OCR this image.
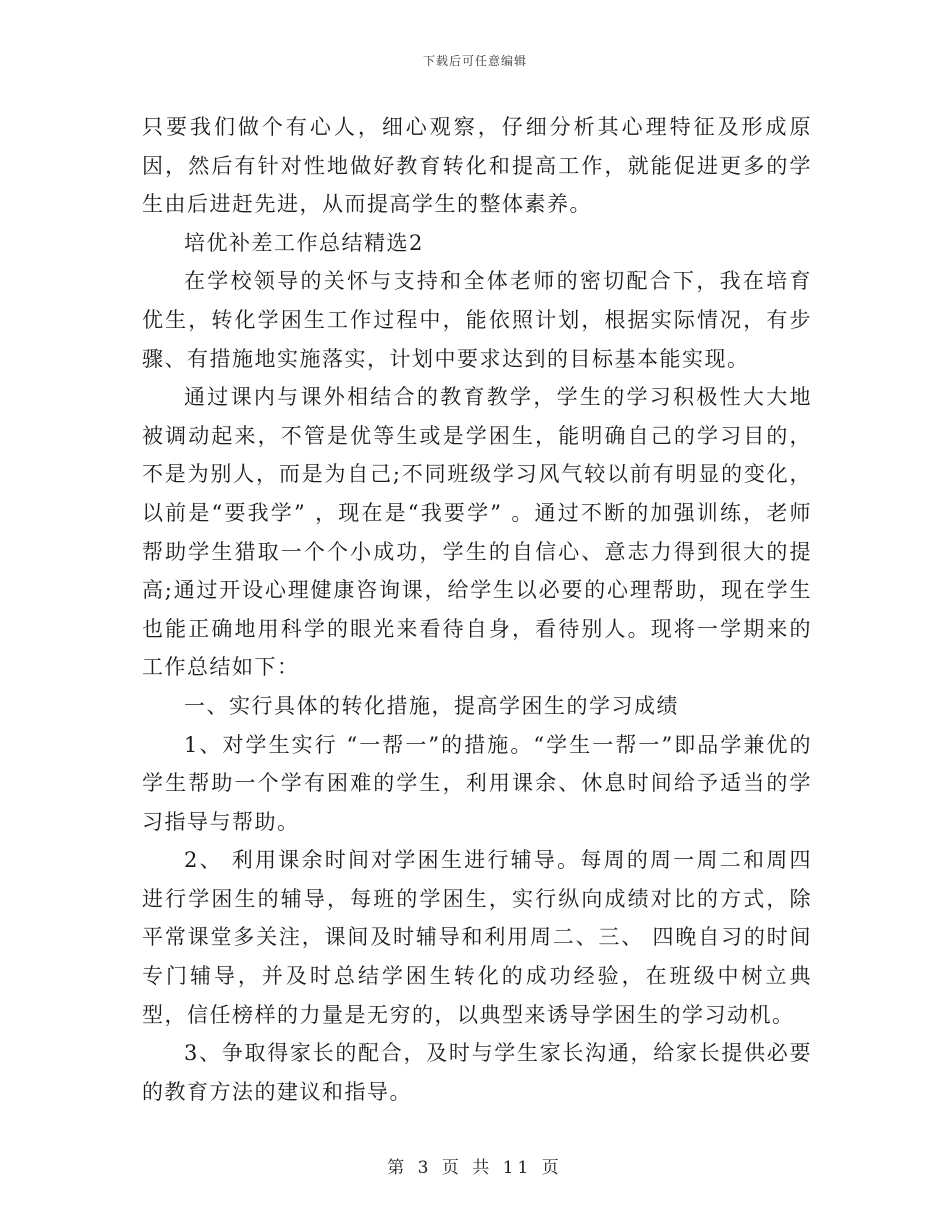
下载后可任意编辑

只要我们做个有心人，细心观察，仔细分析其心理特征及形成原因，然后有针对性地做好教育转化和提高工作，就能促进更多的学生由后进赶先进，从而提高学生的整体素养。

培优补差工作总结精选2

在学校领导的关怀与支持和全体老师的密切配合下，我在培育优生，转化学困生工作过程中，能依照计划，根据实际情况，有步骤、有措施地实施落实，计划中要求达到的目标基本能实现。

通过课内与课外相结合的教育教学，学生的学习积极性大大地被调动起来，不管是优等生或是学困生，能明确自己的学习目的，不是为别人，而是为自己;不同班级学习风气较以前有明显的变化，以前是“要我学” ，现在是“我要学” 。通过不断的加强训练，老师帮助学生猎取一个个小成功，学生的自信心、意志力得到很大的提高;通过开设心理健康咨询课，给学生以必要的心理帮助，现在学生也能正确地用科学的眼光来看待自身，看待别人。现将一学期来的工作总结如下：

一、实行具体的转化措施，提高学困生的学习成绩

1、对学生实行 “一帮一”的措施。“学生一帮一”即品学兼优的学生帮助一个学有困难的学生，利用课余、休息时间给予适当的学习指导与帮助。

2、 利用课余时间对学困生进行辅导。每周的周一周二和周四进行学困生的辅导，每班的学困生，实行纵向成绩对比的方式，除平常课堂多关注，课间及时辅导和利用周二、三、 四晚自习的时间专门辅导，并及时总结学困生转化的成功经验，在班级中树立典型，信任榜样的力量是无穷的，以典型来诱导学困生的学习动机。

3、争取得家长的配合，及时与学生家长沟通，给家长提供必要的教育方法的建议和指导。

第 3 页 共 11 页
